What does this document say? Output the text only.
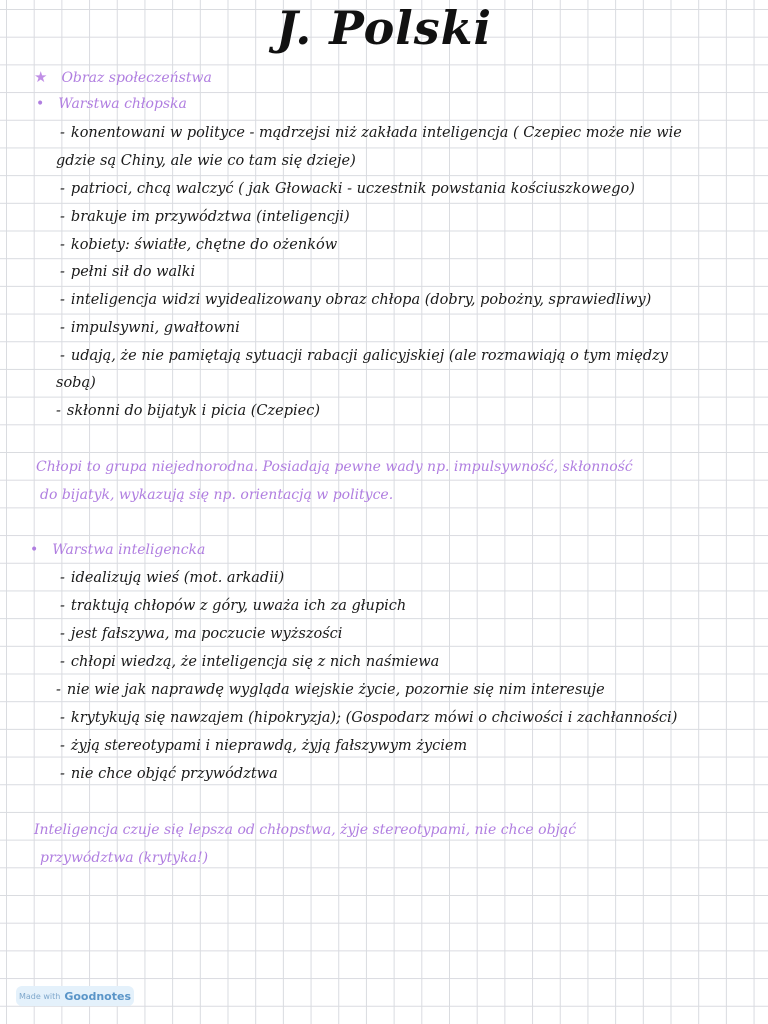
J. Polski
★ Obraz społeczeństwa
• Warstwa chłopska
- konentowani w polityce - mądrzejsi niż zakłada inteligencja ( Czepiec może nie wie
gdzie są Chiny, ale wie co tam się dzieje)
- patrioci, chcą walczyć ( jak Głowacki - uczestnik powstania kościuszkowego)
- brakuje im przywództwa (inteligencji)
- kobiety: światłe, chętne do ożenków
- pełni sił do walki
- inteligencja widzi wyidealizowany obraz chłopa (dobry, pobożny, sprawiedliwy)
- impulsywni, gwałtowni
- udają, że nie pamiętają sytuacji rabacji galicyjskiej (ale rozmawiają o tym między
sobą)
- skłonni do bijatyk i picia (Czepiec)
Chłopi to grupa niejednorodna. Posiadają pewne wady np. impulsywność, skłonność
do bijatyk, wykazują się np. orientacją w polityce.
• Warstwa inteligencka
- idealizują wieś (mot. arkadii)
- traktują chłopów z góry, uważa ich za głupich
- jest fałszywa, ma poczucie wyższości
- chłopi wiedzą, że inteligencja się z nich naśmiewa
- nie wie jak naprawdę wygląda wiejskie życie, pozornie się nim interesuje
- krytykują się nawzajem (hipokryzja); (Gospodarz mówi o chciwości i zachłanności)
- żyją stereotypami i nieprawdą, żyją fałszywym życiem
- nie chce objąć przywództwa
Inteligencja czuje się lepsza od chłopstwa, żyje stereotypami, nie chce objąć
przywództwa (krytyka!)
Made with Goodnotes
